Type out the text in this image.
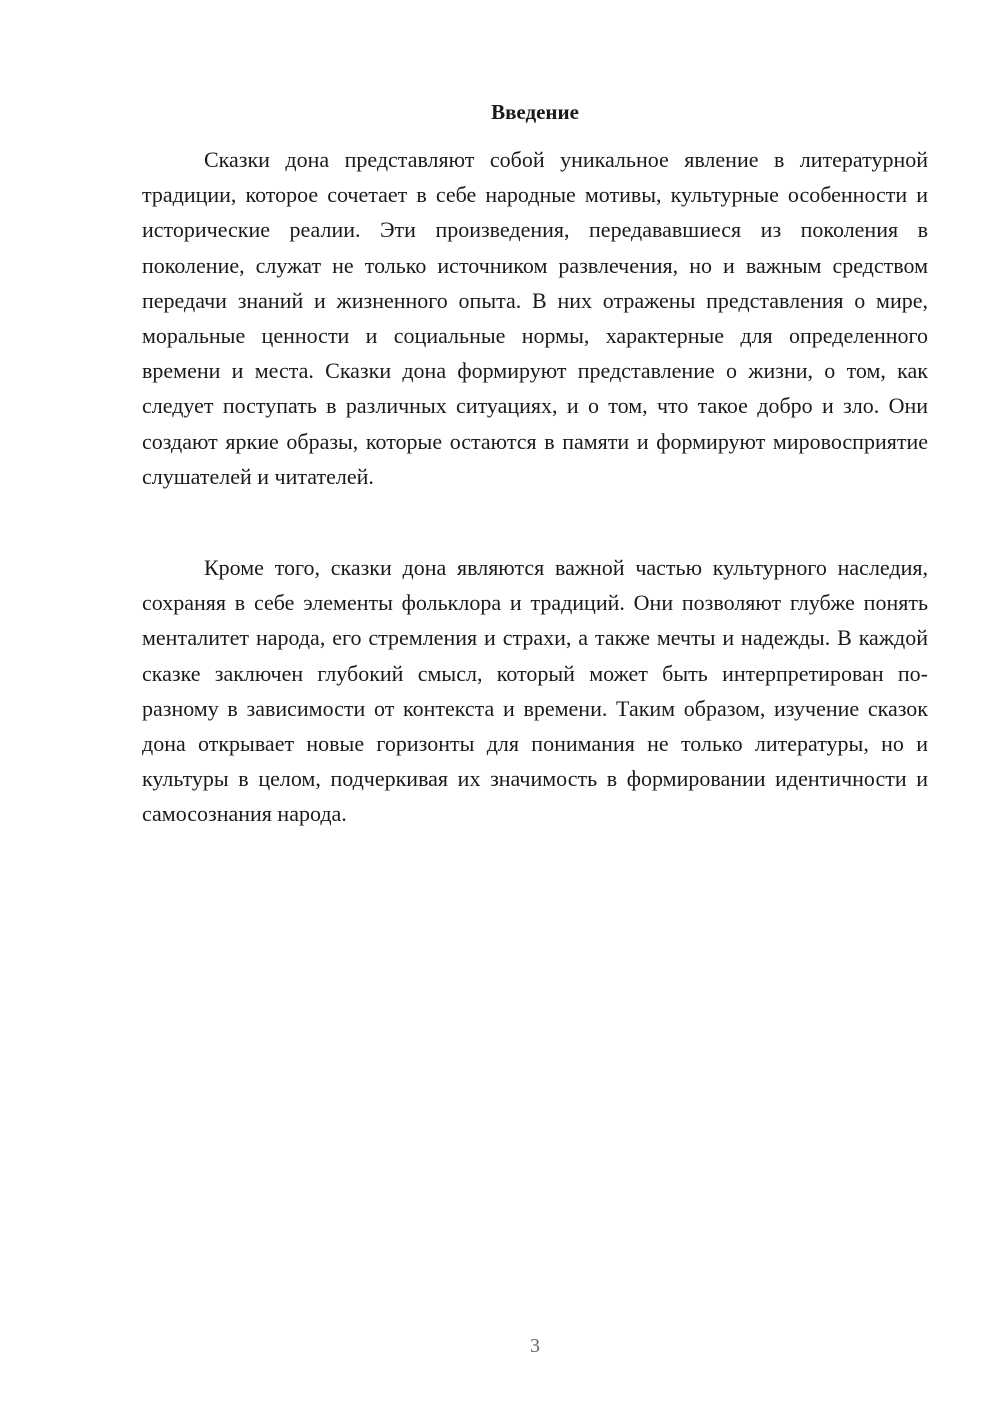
Введение

Сказки дона представляют собой уникальное явление в литературной традиции, которое сочетает в себе народные мотивы, культурные особенности и исторические реалии. Эти произведения, передававшиеся из поколения в поколение, служат не только источником развлечения, но и важным средством передачи знаний и жизненного опыта. В них отражены представления о мире, моральные ценности и социальные нормы, характерные для определенного времени и места. Сказки дона формируют представление о жизни, о том, как следует поступать в различных ситуациях, и о том, что такое добро и зло. Они создают яркие образы, которые остаются в памяти и формируют мировосприятие слушателей и читателей.

Кроме того, сказки дона являются важной частью культурного наследия, сохраняя в себе элементы фольклора и традиций. Они позволяют глубже понять менталитет народа, его стремления и страхи, а также мечты и надежды. В каждой сказке заключен глубокий смысл, который может быть интерпретирован по-разному в зависимости от контекста и времени. Таким образом, изучение сказок дона открывает новые горизонты для понимания не только литературы, но и культуры в целом, подчеркивая их значимость в формировании идентичности и самосознания народа.

3
